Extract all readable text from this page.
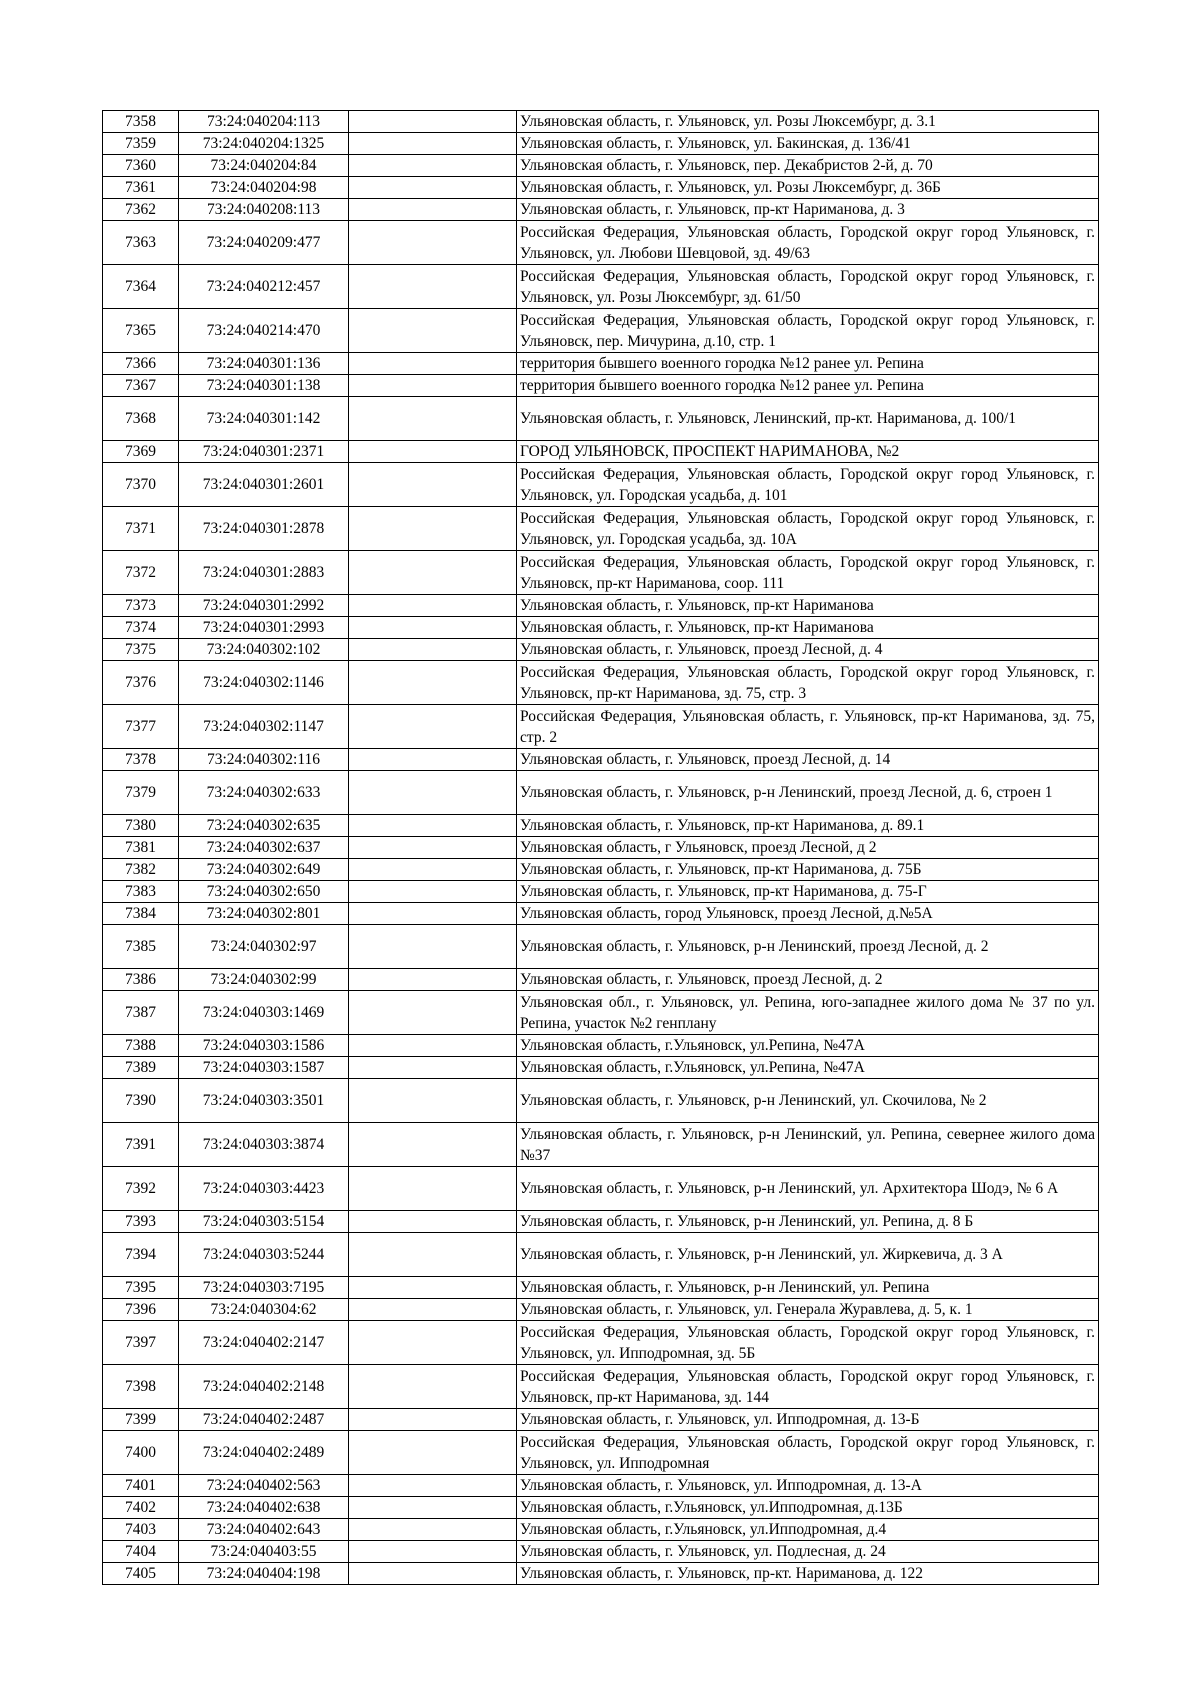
7358	73:24:040204:113		Ульяновская область, г. Ульяновск, ул. Розы Люксембург, д. 3.1
7359	73:24:040204:1325		Ульяновская область, г. Ульяновск, ул. Бакинская, д. 136/41
7360	73:24:040204:84		Ульяновская область, г. Ульяновск, пер. Декабристов 2-й, д. 70
7361	73:24:040204:98		Ульяновская область, г. Ульяновск, ул. Розы Люксембург, д. 36Б
7362	73:24:040208:113		Ульяновская область, г. Ульяновск, пр-кт Нариманова, д. 3
7363	73:24:040209:477		Российская Федерация, Ульяновская область, Городской округ город Ульяновск, г. Ульяновск, ул. Любови Шевцовой, зд. 49/63
7364	73:24:040212:457		Российская Федерация, Ульяновская область, Городской округ город Ульяновск, г. Ульяновск, ул. Розы Люксембург, зд. 61/50
7365	73:24:040214:470		Российская Федерация, Ульяновская область, Городской округ город Ульяновск, г. Ульяновск, пер. Мичурина, д.10, стр. 1
7366	73:24:040301:136		территория бывшего военного городка №12 ранее ул. Репина
7367	73:24:040301:138		территория бывшего военного городка №12 ранее ул. Репина
7368	73:24:040301:142		Ульяновская область, г. Ульяновск, Ленинский, пр-кт. Нариманова, д. 100/1
7369	73:24:040301:2371		ГОРОД УЛЬЯНОВСК, ПРОСПЕКТ НАРИМАНОВА, №2
7370	73:24:040301:2601		Российская Федерация, Ульяновская область, Городской округ город Ульяновск, г. Ульяновск, ул. Городская усадьба, д. 101
7371	73:24:040301:2878		Российская Федерация, Ульяновская область, Городской округ город Ульяновск, г. Ульяновск, ул. Городская усадьба, зд. 10А
7372	73:24:040301:2883		Российская Федерация, Ульяновская область, Городской округ город Ульяновск, г. Ульяновск, пр-кт Нариманова, соор. 111
7373	73:24:040301:2992		Ульяновская область, г. Ульяновск, пр-кт Нариманова
7374	73:24:040301:2993		Ульяновская область, г. Ульяновск, пр-кт Нариманова
7375	73:24:040302:102		Ульяновская область, г. Ульяновск, проезд Лесной, д. 4
7376	73:24:040302:1146		Российская Федерация, Ульяновская область, Городской округ город Ульяновск, г. Ульяновск, пр-кт Нариманова, зд. 75, стр. 3
7377	73:24:040302:1147		Российская Федерация, Ульяновская область, г. Ульяновск, пр-кт Нариманова, зд. 75, стр. 2
7378	73:24:040302:116		Ульяновская область, г. Ульяновск, проезд Лесной, д. 14
7379	73:24:040302:633		Ульяновская область, г. Ульяновск, р-н Ленинский, проезд Лесной, д. 6, строен 1
7380	73:24:040302:635		Ульяновская область, г. Ульяновск, пр-кт Нариманова, д. 89.1
7381	73:24:040302:637		Ульяновская область, г Ульяновск, проезд Лесной, д 2
7382	73:24:040302:649		Ульяновская область, г. Ульяновск, пр-кт Нариманова, д. 75Б
7383	73:24:040302:650		Ульяновская область, г. Ульяновск, пр-кт Нариманова, д. 75-Г
7384	73:24:040302:801		Ульяновская область, город Ульяновск, проезд Лесной, д.№5А
7385	73:24:040302:97		Ульяновская область, г. Ульяновск, р-н Ленинский, проезд Лесной, д. 2
7386	73:24:040302:99		Ульяновская область, г. Ульяновск, проезд Лесной, д. 2
7387	73:24:040303:1469		Ульяновская обл., г. Ульяновск, ул. Репина, юго-западнее жилого дома № 37 по ул. Репина, участок №2 генплану
7388	73:24:040303:1586		Ульяновская область, г.Ульяновск, ул.Репина, №47А
7389	73:24:040303:1587		Ульяновская область, г.Ульяновск, ул.Репина, №47А
7390	73:24:040303:3501		Ульяновская область, г. Ульяновск, р-н Ленинский, ул. Скочилова, № 2
7391	73:24:040303:3874		Ульяновская область, г. Ульяновск, р-н Ленинский, ул. Репина, севернее жилого дома №37
7392	73:24:040303:4423		Ульяновская область, г. Ульяновск, р-н Ленинский, ул. Архитектора Шодэ, № 6 А
7393	73:24:040303:5154		Ульяновская область, г. Ульяновск, р-н Ленинский, ул. Репина, д. 8 Б
7394	73:24:040303:5244		Ульяновская область, г. Ульяновск, р-н Ленинский, ул. Жиркевича, д. 3 А
7395	73:24:040303:7195		Ульяновская область, г. Ульяновск, р-н Ленинский, ул. Репина
7396	73:24:040304:62		Ульяновская область, г. Ульяновск, ул. Генерала Журавлева, д. 5, к. 1
7397	73:24:040402:2147		Российская Федерация, Ульяновская область, Городской округ город Ульяновск, г. Ульяновск, ул. Ипподромная, зд. 5Б
7398	73:24:040402:2148		Российская Федерация, Ульяновская область, Городской округ город Ульяновск, г. Ульяновск, пр-кт Нариманова, зд. 144
7399	73:24:040402:2487		Ульяновская область, г. Ульяновск, ул. Ипподромная, д. 13-Б
7400	73:24:040402:2489		Российская Федерация, Ульяновская область, Городской округ город Ульяновск, г. Ульяновск, ул. Ипподромная
7401	73:24:040402:563		Ульяновская область, г. Ульяновск, ул. Ипподромная, д. 13-А
7402	73:24:040402:638		Ульяновская область, г.Ульяновск, ул.Ипподромная, д.13Б
7403	73:24:040402:643		Ульяновская область, г.Ульяновск, ул.Ипподромная, д.4
7404	73:24:040403:55		Ульяновская область, г. Ульяновск, ул. Подлесная, д. 24
7405	73:24:040404:198		Ульяновская область, г. Ульяновск, пр-кт. Нариманова, д. 122
